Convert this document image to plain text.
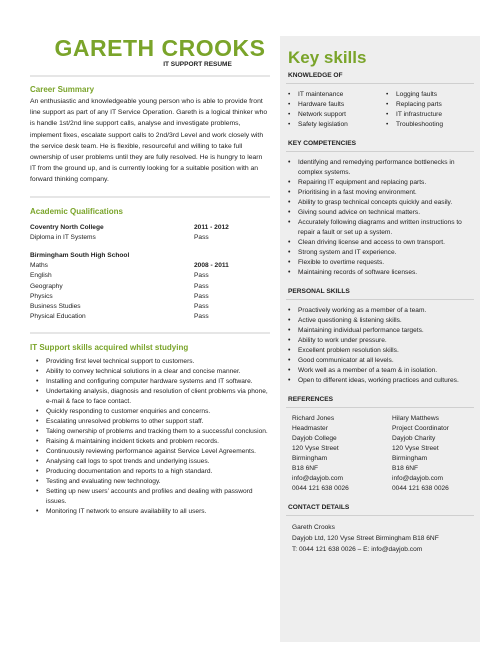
GARETH CROOKS
IT SUPPORT RESUME
Career Summary
An enthusiastic and knowledgeable young person who is able to provide front line support as part of any IT Service Operation. Gareth is a logical thinker who is handle 1st/2nd line support calls, analyse and investigate problems, implement fixes, escalate support calls to 2nd/3rd Level and work closely with the service desk team. He is flexible, resourceful and willing to take full ownership of user problems until they are fully resolved. He is hungry to learn IT from the ground up, and is currently looking for a suitable position with an forward thinking company.
Academic Qualifications
Coventry North College	2011 - 2012
Diploma in IT Systems	Pass
Birmingham South High School
Maths	2008 - 2011
English	Pass
Geography	Pass
Physics	Pass
Business Studies	Pass
Physical Education	Pass
IT Support skills acquired whilst studying
• Providing first level technical support to customers.
• Ability to convey technical solutions in a clear and concise manner.
• Installing and configuring computer hardware systems and IT software.
• Undertaking analysis, diagnosis and resolution of client problems via phone, e-mail & face to face contact.
• Quickly responding to customer enquiries and concerns.
• Escalating unresolved problems to other support staff.
• Taking ownership of problems and tracking them to a successful conclusion.
• Raising & maintaining incident tickets and problem records.
• Continuously reviewing performance against Service Level Agreements.
• Analysing call logs to spot trends and underlying issues.
• Producing documentation and reports to a high standard.
• Testing and evaluating new technology.
• Setting up new users' accounts and profiles and dealing with password issues.
• Monitoring IT network to ensure availability to all users.
Key skills
KNOWLEDGE OF
• IT maintenance	• Logging faults
• Hardware faults	• Replacing parts
• Network support	• IT infrastructure
• Safety legislation	• Troubleshooting
KEY COMPETENCIES
• Identifying and remedying performance bottlenecks in complex systems.
• Repairing IT equipment and replacing parts.
• Prioritising in a fast moving environment.
• Ability to grasp technical concepts quickly and easily.
• Giving sound advice on technical matters.
• Accurately following diagrams and written instructions to repair a fault or set up a system.
• Clean driving license and access to own transport.
• Strong system and IT experience.
• Flexible to overtime requests.
• Maintaining records of software licenses.
PERSONAL SKILLS
• Proactively working as a member of a team.
• Active questioning & listening skills.
• Maintaining individual performance targets.
• Ability to work under pressure.
• Excellent problem resolution skills.
• Good communicator at all levels.
• Work well as a member of a team & in isolation.
• Open to different ideas, working practices and cultures.
REFERENCES
Richard Jones
Headmaster
Dayjob College
120 Vyse Street
Birmingham
B18 6NF
info@dayjob.com
0044 121 638 0026
Hilary Matthews
Project Coordinator
Dayjob Charity
120 Vyse Street
Birmingham
B18 6NF
info@dayjob.com
0044 121 638 0026
CONTACT DETAILS
Gareth Crooks
Dayjob Ltd, 120 Vyse Street Birmingham B18 6NF
T: 0044 121 638 0026 – E: info@dayjob.com
